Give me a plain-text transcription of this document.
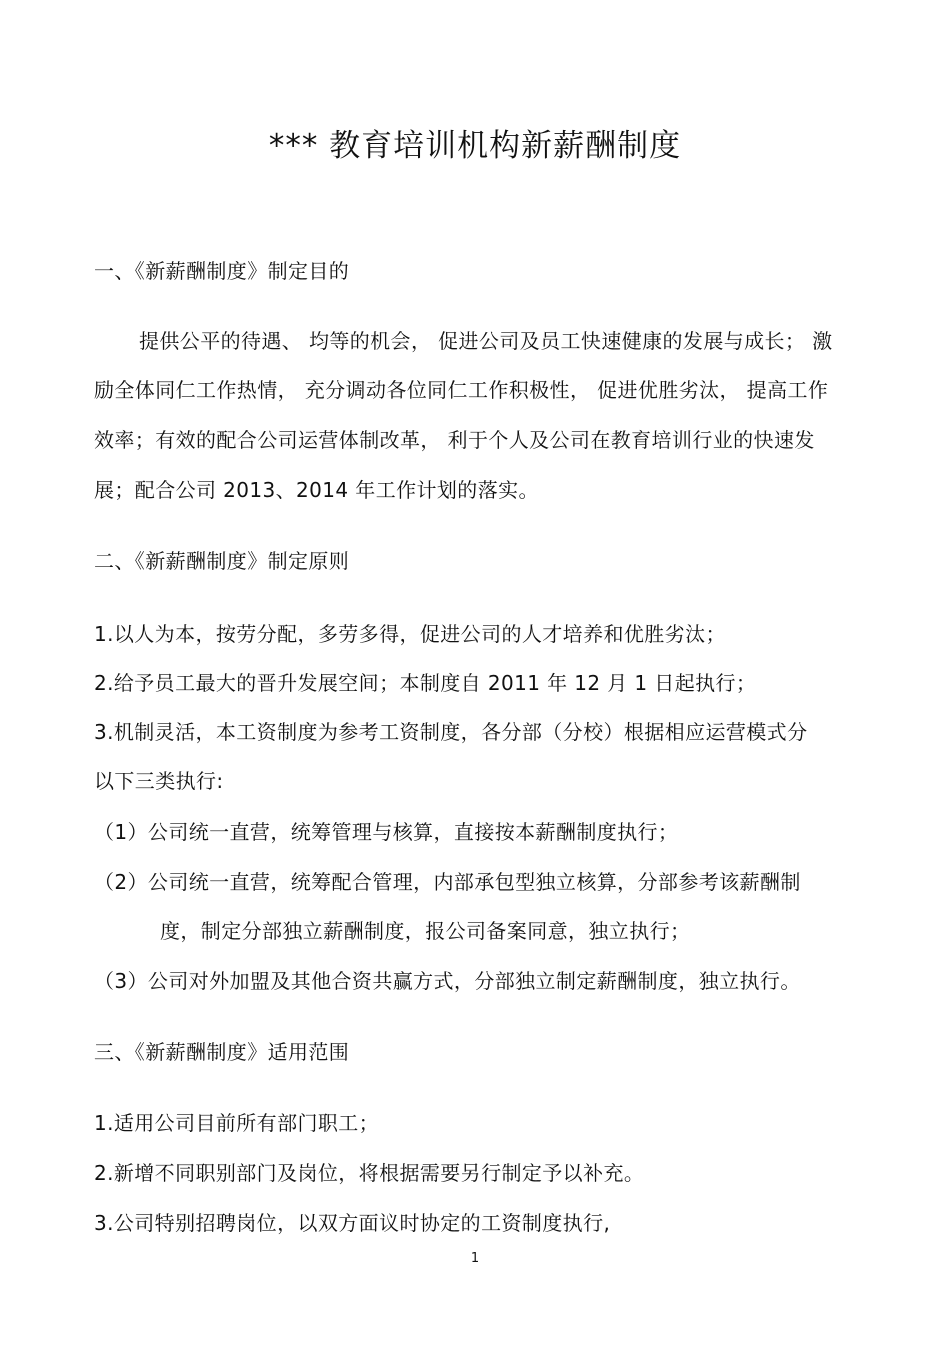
*** 教育培训机构新薪酬制度
一、《新薪酬制度》制定目的
提供公平的待遇、 均等的机会， 促进公司及员工快速健康的发展与成长； 激
励全体同仁工作热情， 充分调动各位同仁工作积极性， 促进优胜劣汰， 提高工作
效率；有效的配合公司运营体制改革， 利于个人及公司在教育培训行业的快速发
展；配合公司 2013、2014 年工作计划的落实。
二、《新薪酬制度》制定原则
1.以人为本，按劳分配，多劳多得，促进公司的人才培养和优胜劣汰；
2.给予员工最大的晋升发展空间；本制度自 2011 年 12 月 1 日起执行；
3.机制灵活，本工资制度为参考工资制度，各分部（分校）根据相应运营模式分
以下三类执行:
（1）公司统一直营，统筹管理与核算，直接按本薪酬制度执行；
（2）公司统一直营，统筹配合管理，内部承包型独立核算，分部参考该薪酬制
度，制定分部独立薪酬制度，报公司备案同意，独立执行；
（3）公司对外加盟及其他合资共赢方式，分部独立制定薪酬制度，独立执行。
三、《新薪酬制度》适用范围
1.适用公司目前所有部门职工；
2.新增不同职别部门及岗位，将根据需要另行制定予以补充。
3.公司特别招聘岗位，以双方面议时协定的工资制度执行,
1
